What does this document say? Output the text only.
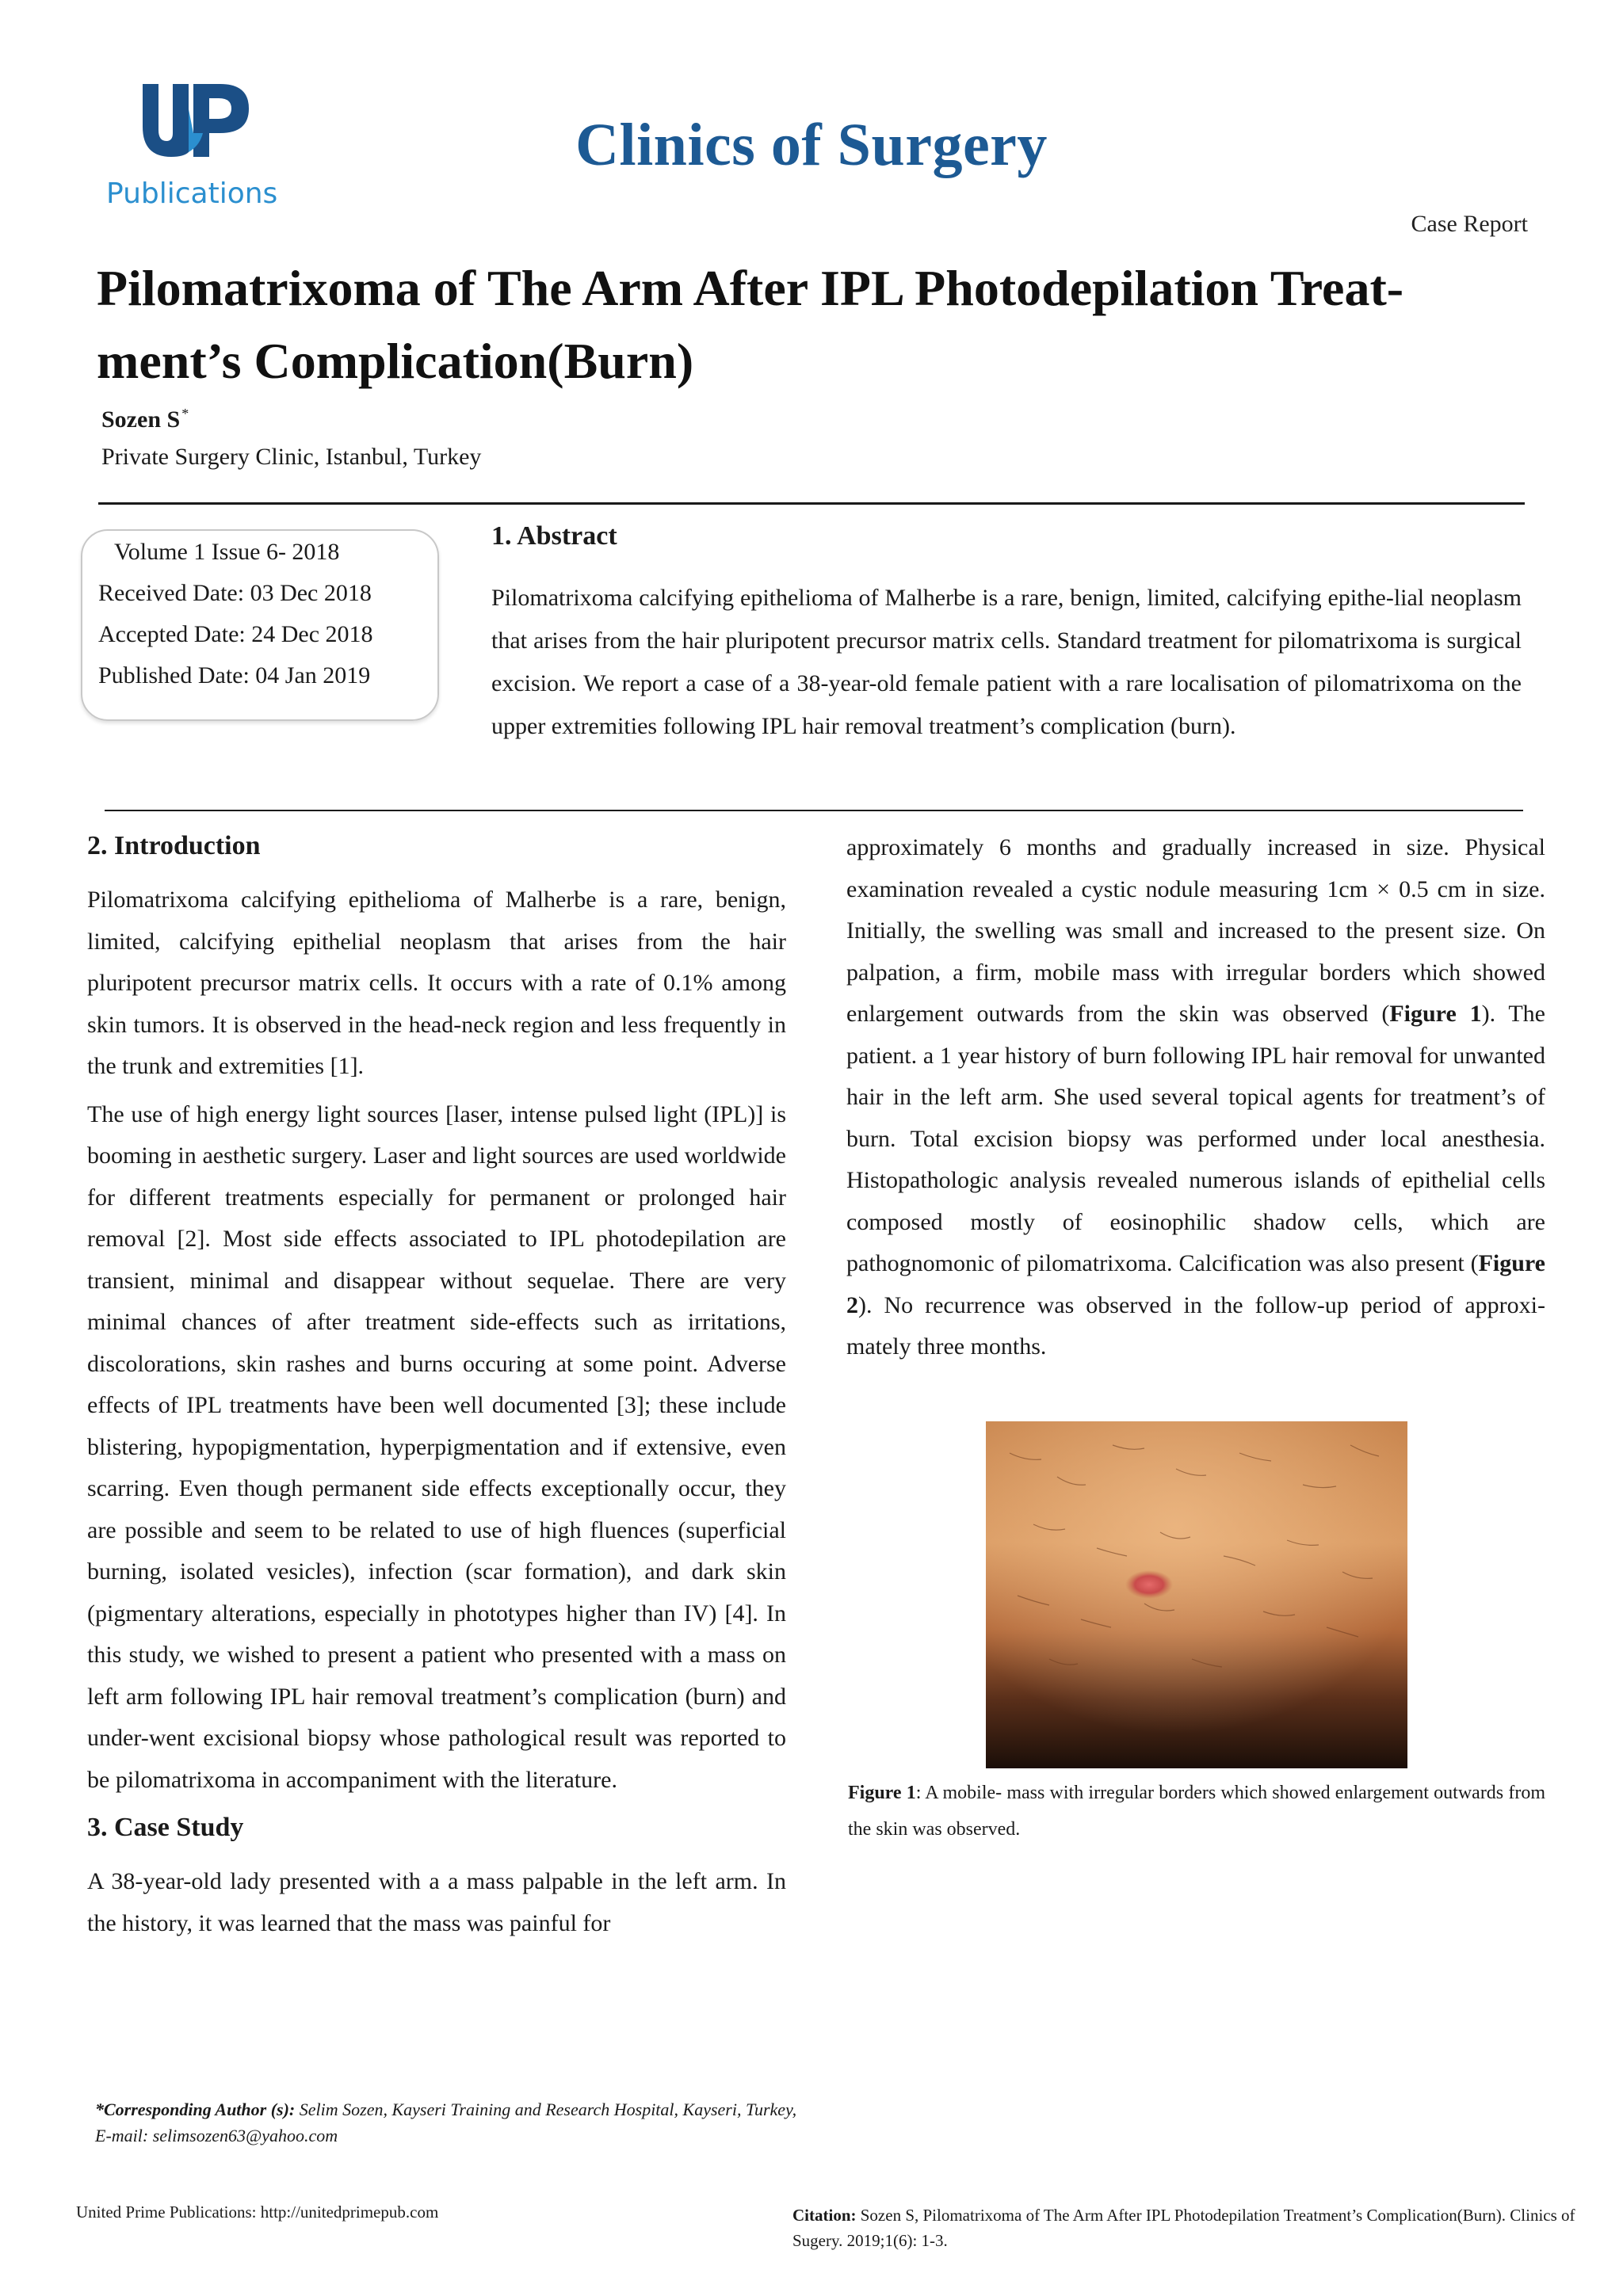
Publications
Clinics of Surgery
Case Report
Pilomatrixoma of The Arm After IPL Photodepilation Treat-ment’s Complication(Burn)
Sozen S *
Private Surgery Clinic, Istanbul, Turkey
Volume 1 Issue 6- 2018
Received Date: 03 Dec 2018
Accepted Date: 24 Dec 2018
Published Date: 04 Jan 2019
1. Abstract
Pilomatrixoma calcifying epithelioma of Malherbe is a rare, benign, limited, calcifying epithe-lial neoplasm that arises from the hair pluripotent precursor matrix cells. Standard treatment for pilomatrixoma is surgical excision. We report a case of a 38-year-old female patient with a rare localisation of pilomatrixoma on the upper extremities following IPL hair removal treatment’s complication (burn).
2. Introduction

Pilomatrixoma calcifying epithelioma of Malherbe is a rare, benign, limited, calcifying epithelial neoplasm that arises from the hair pluripotent precursor matrix cells. It occurs with a rate of 0.1% among skin tumors. It is observed in the head-neck region and less frequently in the trunk and extremities [1].

The use of high energy light sources [laser, intense pulsed light (IPL)] is booming in aesthetic surgery. Laser and light sources are used worldwide for different treatments especially for permanent or prolonged hair removal [2]. Most side effects associated to IPL photodepilation are transient, minimal and disappear without sequelae. There are very minimal chances of after treatment side-effects such as irritations, discolorations, skin rashes and burns occuring at some point. Adverse effects of IPL treatments have been well documented [3]; these include blistering, hypopigmentation, hyperpigmentation and if extensive, even scarring. Even though permanent side effects exceptionally occur, they are possible and seem to be related to use of high fluences (superficial burning, isolated vesicles), infection (scar formation), and dark skin (pigmentary alterations, especially in phototypes higher than IV) [4]. In this study, we wished to present a patient who presented with a mass on left arm following IPL hair removal treatment’s complication (burn) and under-went excisional biopsy whose pathological result was reported to be pilomatrixoma in accompaniment with the literature.

3. Case Study

A 38-year-old lady presented with a a mass palpable in the left arm. In the history, it was learned that the mass was painful for

approximately 6 months and gradually increased in size. Physical examination revealed a cystic nodule measuring 1cm × 0.5 cm in size. Initially, the swelling was small and increased to the present size. On palpation, a firm, mobile mass with irregular borders which showed enlargement outwards from the skin was observed (Figure 1). The patient. a 1 year history of burn following IPL hair removal for unwanted hair in the left arm. She used several topical agents for treatment’s of burn. Total excision biopsy was performed under local anesthesia. Histopathologic analysis revealed numerous islands of epithelial cells composed mostly of eosinophilic shadow cells, which are pathognomonic of pilomatrixoma. Calcification was also present (Figure 2). No recurrence was observed in the follow-up period of approxi-mately three months.

Figure 1: A mobile- mass with irregular borders which showed enlargement outwards from the skin was observed.
*Corresponding Author (s): Selim Sozen, Kayseri Training and Research Hospital, Kayseri, Turkey, E-mail: selimsozen63@yahoo.com
United Prime Publications: http://unitedprimepub.com	Citation: Sozen S, Pilomatrixoma of The Arm After IPL Photodepilation Treatment’s Complication(Burn). Clinics of Sugery. 2019;1(6): 1-3.
